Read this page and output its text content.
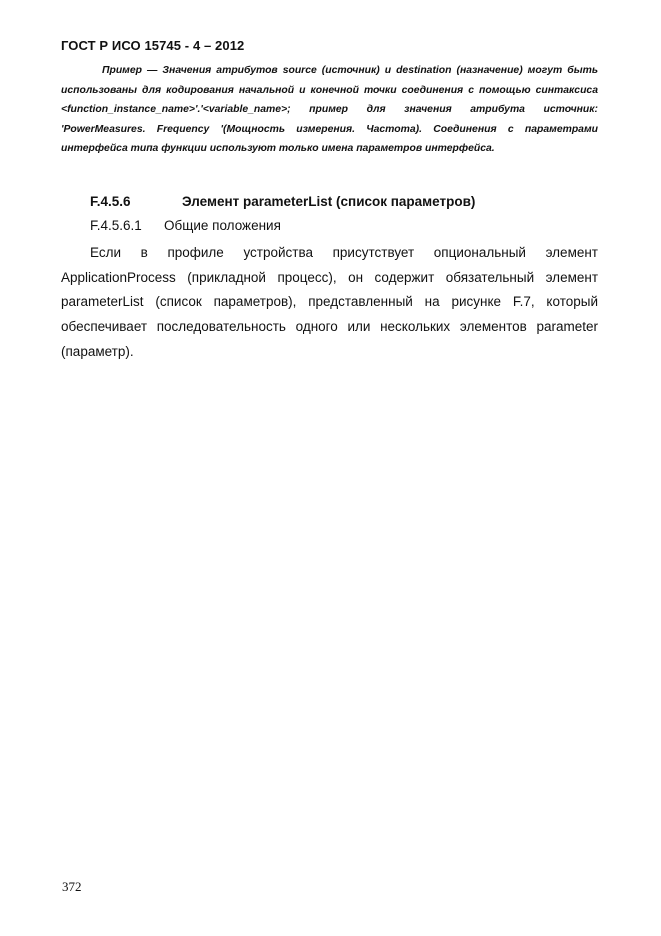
ГОСТ Р ИСО 15745 - 4 – 2012

Пример — Значения атрибутов source (источник) и destination (назначение) могут быть использованы для кодирования начальной и конечной точки соединения с помощью синтаксиса <function_instance_name>'.'<variable_name>; пример для значения атрибута источник: 'PowerMeasures. Frequency '(Мощность измерения. Частота). Соединения с параметрами интерфейса типа функции используют только имена параметров интерфейса.

F.4.5.6	Элемент parameterList (список параметров)
F.4.5.6.1 Общие положения

Если в профиле устройства присутствует опциональный элемент ApplicationProcess (прикладной процесс), он содержит обязательный элемент parameterList (список параметров), представленный на рисунке F.7, который обеспечивает последовательность одного или нескольких элементов parameter (параметр).

372
